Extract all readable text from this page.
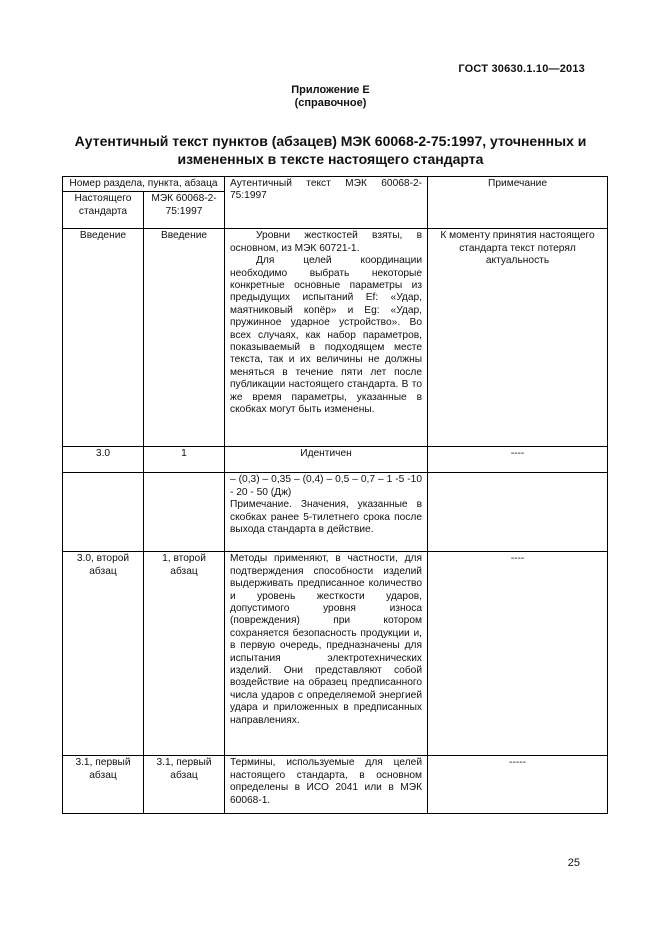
ГОСТ 30630.1.10—2013
Приложение Е
(справочное)
Аутентичный текст пунктов (абзацев) МЭК 60068-2-75:1997, уточненных и измененных в тексте настоящего стандарта
Номер раздела, пункта, абзаца		Аутентичный текст МЭК 60068-2-75:1997	Примечание
Настоящего стандарта	МЭК 60068-2-75:1997		
Введение	Введение	Уровни жесткостей взяты, в основном, из МЭК 60721-1.

Для целей координации необходимо выбрать некоторые конкретные основные параметры из предыдущих испытаний Ef: «Удар, маятниковый копёр» и Eg: «Удар, пружинное ударное устройство». Во всех случаях, как набор параметров, показываемый в подходящем месте текста, так и их величины не должны меняться в течение пяти лет после публикации настоящего стандарта. В то же время параметры, указанные в скобках могут быть изменены.	К моменту принятия настоящего стандарта текст потерял актуальность
3.0	1	Идентичен	----

		– (0,3) – 0,35 – (0,4) – 0,5 – 0,7 – 1 -5 -10 - 20 - 50 (Дж)

Примечание. Значения, указанные в скобках ранее 5-тилетнего срока после выхода стандарта в действие.	

3.0, второй абзац	1, второй абзац	Методы применяют, в частности, для подтверждения способности изделий выдерживать предписанное количество и уровень жесткости ударов, допустимого уровня износа (повреждения) при котором сохраняется безопасность продукции и, в первую очередь, предназначены для испытания электротехнических изделий. Они представляют собой воздействие на образец предписанного числа ударов с определяемой энергией удара и приложенных в предписанных направлениях.	----
3.1, первый абзац	3.1, первый абзац	Термины, используемые для целей настоящего стандарта, в основном определены в ИСО 2041 или в МЭК 60068-1.	-----
25
